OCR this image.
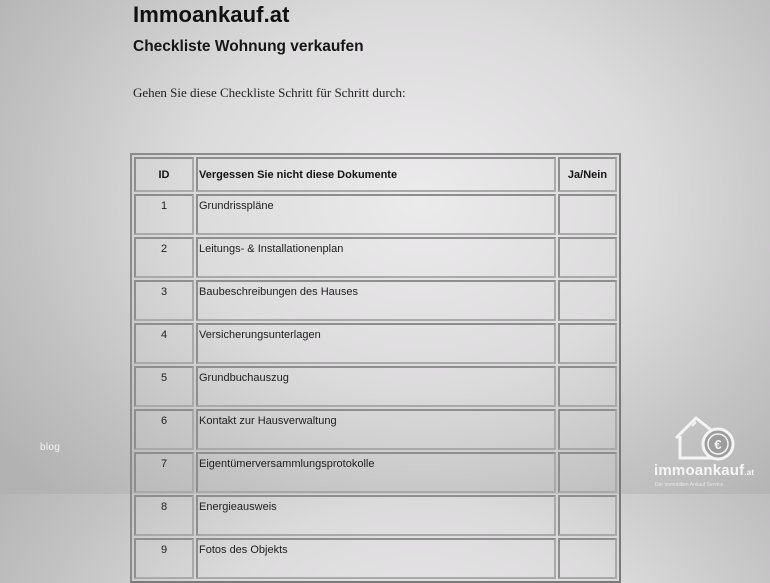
Immoankauf.at
Checkliste Wohnung verkaufen

Gehen Sie diese Checkliste Schritt für Schritt durch:

ID	Vergessen Sie nicht diese Dokumente	Ja/Nein
1	Grundrisspläne	
2	Leitungs- & Installationenplan	
3	Baubeschreibungen des Hauses	
4	Versicherungsunterlagen	
5	Grundbuchauszug	
6	Kontakt zur Hausverwaltung	
7	Eigentümerversammlungsprotokolle	
8	Energieausweis	
9	Fotos des Objekts	
blog	€
immoankauf.at
Der Immobilien Ankauf Service
